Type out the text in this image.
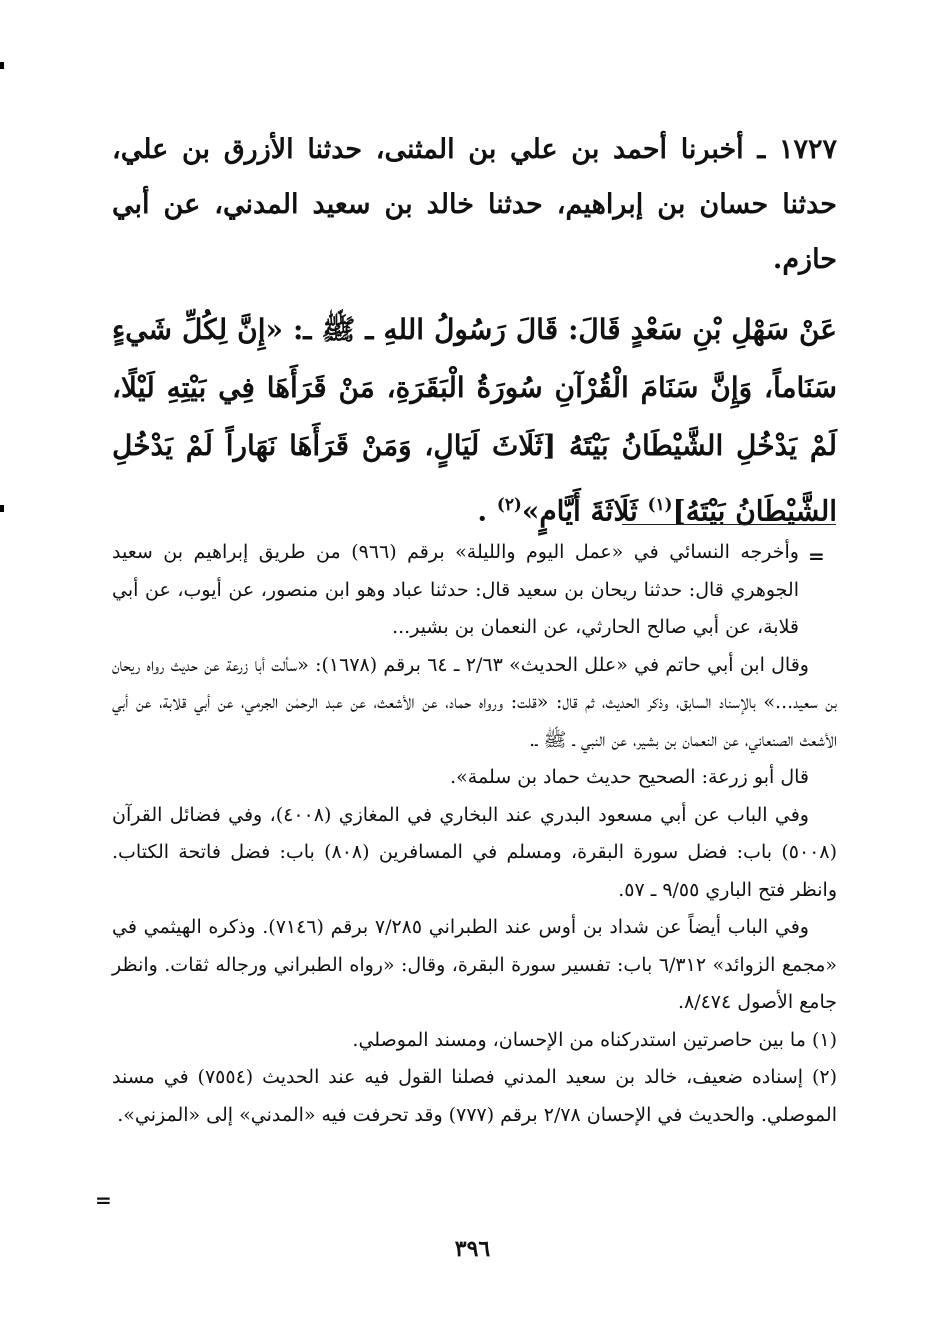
١٧٢٧ ـ أخبرنا أحمد بن علي بن المثنى، حدثنا الأزرق بن علي، حدثنا حسان بن إبراهيم، حدثنا خالد بن سعيد المدني، عن أبي حازم.

عَنْ سَهْلِ بْنِ سَعْدٍ قَالَ: قَالَ رَسُولُ اللهِ ـ ﷺ ـ: «إِنَّ لِكُلِّ شَيءٍ سَنَاماً، وَإِنَّ سَنَامَ الْقُرْآنِ سُورَةُ الْبَقَرَةِ، مَنْ قَرَأَهَا فِي بَيْتِهِ لَيْلًا، لَمْ يَدْخُلِ الشَّيْطَانُ بَيْتَهُ [ثَلَاثَ لَيَالٍ، وَمَنْ قَرَأَهَا نَهَاراً لَمْ يَدْخُلِ الشَّيْطَانُ بَيْتَهُ]$^{(١)}$ ثَلَاثَةَ أَيَّامٍ»$^{(٢)}$ .

=

وأخرجه النسائي في «عمل اليوم والليلة» برقم (٩٦٦) من طريق إبراهيم بن سعيد الجوهري قال: حدثنا ريحان بن سعيد قال: حدثنا عباد وهو ابن منصور، عن أيوب، عن أبي قلابة، عن أبي صالح الحارثي، عن النعمان بن بشير...

وقال ابن أبي حاتم في «علل الحديث» ٢/٦٣ ـ ٦٤ برقم (١٦٧٨): «سألت أبا زرعة عن حديث رواه ريحان بن سعيد...» بالإسناد السابق، وذكر الحديث، ثم قال: «قلت: ورواه حماد، عن الأشعث، عن عبد الرحمٰن الجرمي، عن أبي قلابة، عن أبي الأشعث الصنعاني، عن النعمان بن بشير، عن النبي ـ ﷺ ـ.

قال أبو زرعة: الصحيح حديث حماد بن سلمة».

وفي الباب عن أبي مسعود البدري عند البخاري في المغازي (٤٠٠٨)، وفي فضائل القرآن (٥٠٠٨) باب: فضل سورة البقرة، ومسلم في المسافرين (٨٠٨) باب: فضل فاتحة الكتاب. وانظر فتح الباري ٩/٥٥ ـ ٥٧.

وفي الباب أيضاً عن شداد بن أوس عند الطبراني ٧/٢٨٥ برقم (٧١٤٦). وذكره الهيثمي في «مجمع الزوائد» ٦/٣١٢ باب: تفسير سورة البقرة، وقال: «رواه الطبراني ورجاله ثقات. وانظر جامع الأصول ٨/٤٧٤.

(١) ما بين حاصرتين استدركناه من الإحسان، ومسند الموصلي.

(٢) إسناده ضعيف، خالد بن سعيد المدني فصلنا القول فيه عند الحديث (٧٥٥٤) في مسند الموصلي. والحديث في الإحسان ٢/٧٨ برقم (٧٧٧) وقد تحرفت فيه «المدني» إلى «المزني».

=
٣٩٦
